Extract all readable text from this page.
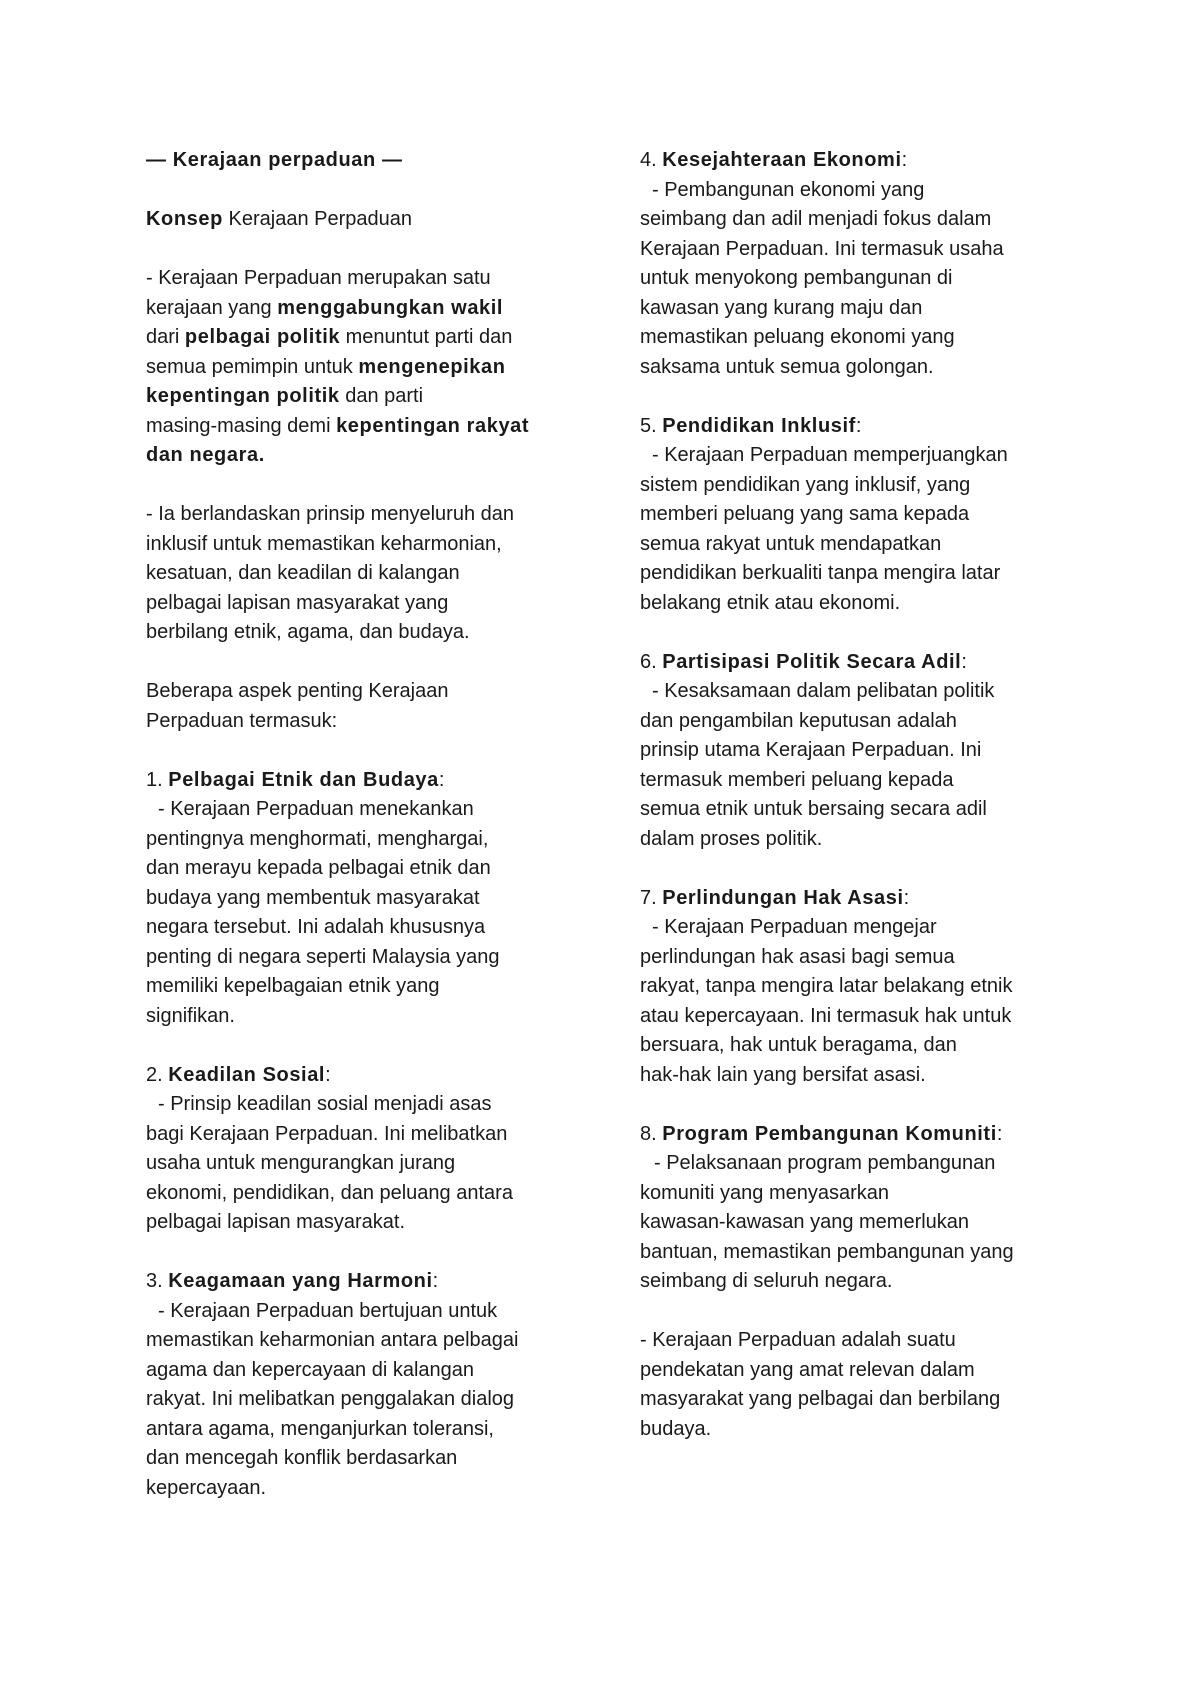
— Kerajaan perpaduan —

Konsep Kerajaan Perpaduan

- Kerajaan Perpaduan merupakan satu
kerajaan yang menggabungkan wakil
dari pelbagai politik menuntut parti dan
semua pemimpin untuk mengenepikan
kepentingan politik dan parti
masing-masing demi kepentingan rakyat
dan negara.

- Ia berlandaskan prinsip menyeluruh dan
inklusif untuk memastikan keharmonian,
kesatuan, dan keadilan di kalangan
pelbagai lapisan masyarakat yang
berbilang etnik, agama, dan budaya.

Beberapa aspek penting Kerajaan
Perpaduan termasuk:

1. Pelbagai Etnik dan Budaya:
- Kerajaan Perpaduan menekankan
pentingnya menghormati, menghargai,
dan merayu kepada pelbagai etnik dan
budaya yang membentuk masyarakat
negara tersebut. Ini adalah khususnya
penting di negara seperti Malaysia yang
memiliki kepelbagaian etnik yang
signifikan.

2. Keadilan Sosial:
- Prinsip keadilan sosial menjadi asas
bagi Kerajaan Perpaduan. Ini melibatkan
usaha untuk mengurangkan jurang
ekonomi, pendidikan, dan peluang antara
pelbagai lapisan masyarakat.

3. Keagamaan yang Harmoni:
- Kerajaan Perpaduan bertujuan untuk
memastikan keharmonian antara pelbagai
agama dan kepercayaan di kalangan
rakyat. Ini melibatkan penggalakan dialog
antara agama, menganjurkan toleransi,
dan mencegah konflik berdasarkan
kepercayaan.

4. Kesejahteraan Ekonomi:
- Pembangunan ekonomi yang
seimbang dan adil menjadi fokus dalam
Kerajaan Perpaduan. Ini termasuk usaha
untuk menyokong pembangunan di
kawasan yang kurang maju dan
memastikan peluang ekonomi yang
saksama untuk semua golongan.

5. Pendidikan Inklusif:
- Kerajaan Perpaduan memperjuangkan
sistem pendidikan yang inklusif, yang
memberi peluang yang sama kepada
semua rakyat untuk mendapatkan
pendidikan berkualiti tanpa mengira latar
belakang etnik atau ekonomi.

6. Partisipasi Politik Secara Adil:
- Kesaksamaan dalam pelibatan politik
dan pengambilan keputusan adalah
prinsip utama Kerajaan Perpaduan. Ini
termasuk memberi peluang kepada
semua etnik untuk bersaing secara adil
dalam proses politik.

7. Perlindungan Hak Asasi:
- Kerajaan Perpaduan mengejar
perlindungan hak asasi bagi semua
rakyat, tanpa mengira latar belakang etnik
atau kepercayaan. Ini termasuk hak untuk
bersuara, hak untuk beragama, dan
hak-hak lain yang bersifat asasi.

8. Program Pembangunan Komuniti:
- Pelaksanaan program pembangunan
komuniti yang menyasarkan
kawasan-kawasan yang memerlukan
bantuan, memastikan pembangunan yang
seimbang di seluruh negara.

- Kerajaan Perpaduan adalah suatu
pendekatan yang amat relevan dalam
masyarakat yang pelbagai dan berbilang
budaya.
